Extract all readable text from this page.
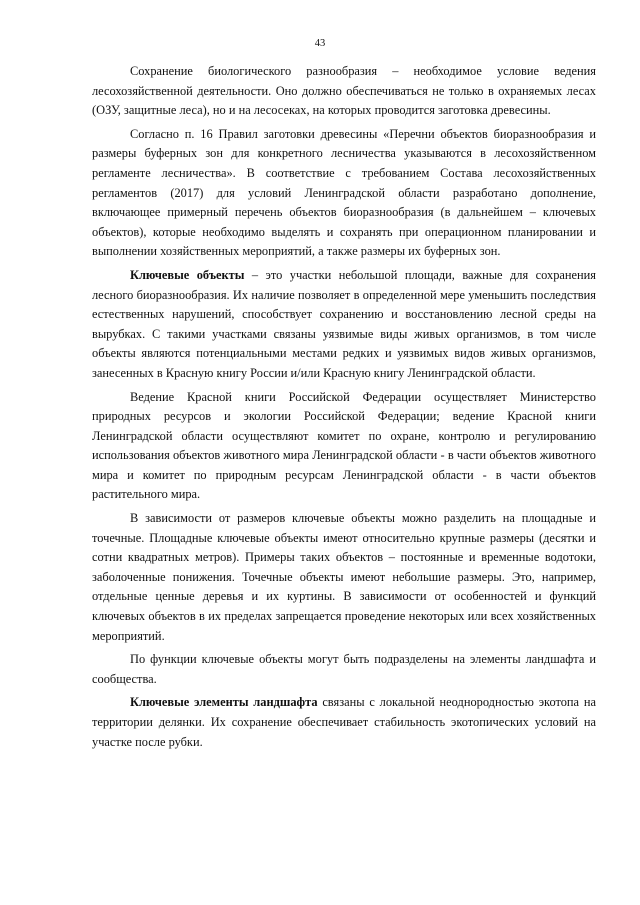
43

Сохранение биологического разнообразия – необходимое условие ведения лесохозяйственной деятельности. Оно должно обеспечиваться не только в охраняемых лесах (ОЗУ, защитные леса), но и на лесосеках, на которых проводится заготовка древесины.

Согласно п. 16 Правил заготовки древесины «Перечни объектов биоразнообразия и размеры буферных зон для конкретного лесничества указываются в лесохозяйственном регламенте лесничества». В соответствие с требованием Состава лесохозяйственных регламентов (2017) для условий Ленинградской области разработано дополнение, включающее примерный перечень объектов биоразнообразия (в дальнейшем – ключевых объектов), которые необходимо выделять и сохранять при операционном планировании и выполнении хозяйственных мероприятий, а также размеры их буферных зон.

Ключевые объекты – это участки небольшой площади, важные для сохранения лесного биоразнообразия. Их наличие позволяет в определенной мере уменьшить последствия естественных нарушений, способствует сохранению и восстановлению лесной среды на вырубках. С такими участками связаны уязвимые виды живых организмов, в том числе объекты являются потенциальными местами редких и уязвимых видов живых организмов, занесенных в Красную книгу России и/или Красную книгу Ленинградской области.

Ведение Красной книги Российской Федерации осуществляет Министерство природных ресурсов и экологии Российской Федерации; ведение Красной книги Ленинградской области осуществляют комитет по охране, контролю и регулированию использования объектов животного мира Ленинградской области - в части объектов животного мира и комитет по природным ресурсам Ленинградской области - в части объектов растительного мира.

В зависимости от размеров ключевые объекты можно разделить на площадные и точечные. Площадные ключевые объекты имеют относительно крупные размеры (десятки и сотни квадратных метров). Примеры таких объектов – постоянные и временные водотоки, заболоченные понижения. Точечные объекты имеют небольшие размеры. Это, например, отдельные ценные деревья и их куртины. В зависимости от особенностей и функций ключевых объектов в их пределах запрещается проведение некоторых или всех хозяйственных мероприятий.

По функции ключевые объекты могут быть подразделены на элементы ландшафта и сообщества.

Ключевые элементы ландшафта связаны с локальной неоднородностью экотопа на территории делянки. Их сохранение обеспечивает стабильность экотопических условий на участке после рубки.
